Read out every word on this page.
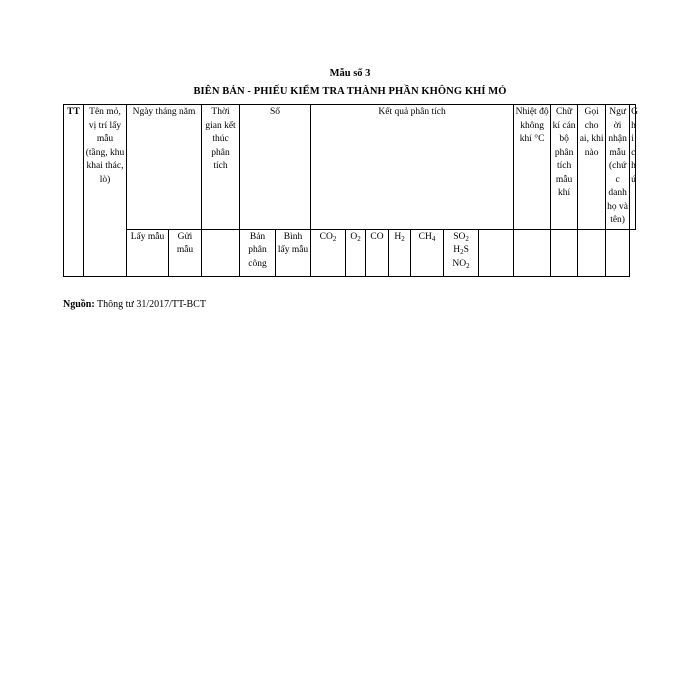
Mẫu số 3
BIÊN BẢN - PHIẾU KIỂM TRA THÀNH PHẦN KHÔNG KHÍ MỎ
TT	Tên mỏ, vị trí lấy mẫu (tầng, khu khai thác, lò)	Ngày tháng năm		Thời gian kết thúc phân tích	Số		Kết quả phân tích							Nhiệt độ không khí °C	Chữ kí cán bộ phân tích mẫu khí	Gọi cho ai, khi nào	Người nhận mẫu (chức danh họ và tên)	Ghi chú
		Lấy mẫu	Gửi mẫu		Bản phân công	Bình lấy mẫu	$CO_2$	$O_2$	CO	$H_2$	$CH_4$	$SO_2$
$H_2S$
$NO_2$

Nguồn: Thông tư 31/2017/TT-BCT
